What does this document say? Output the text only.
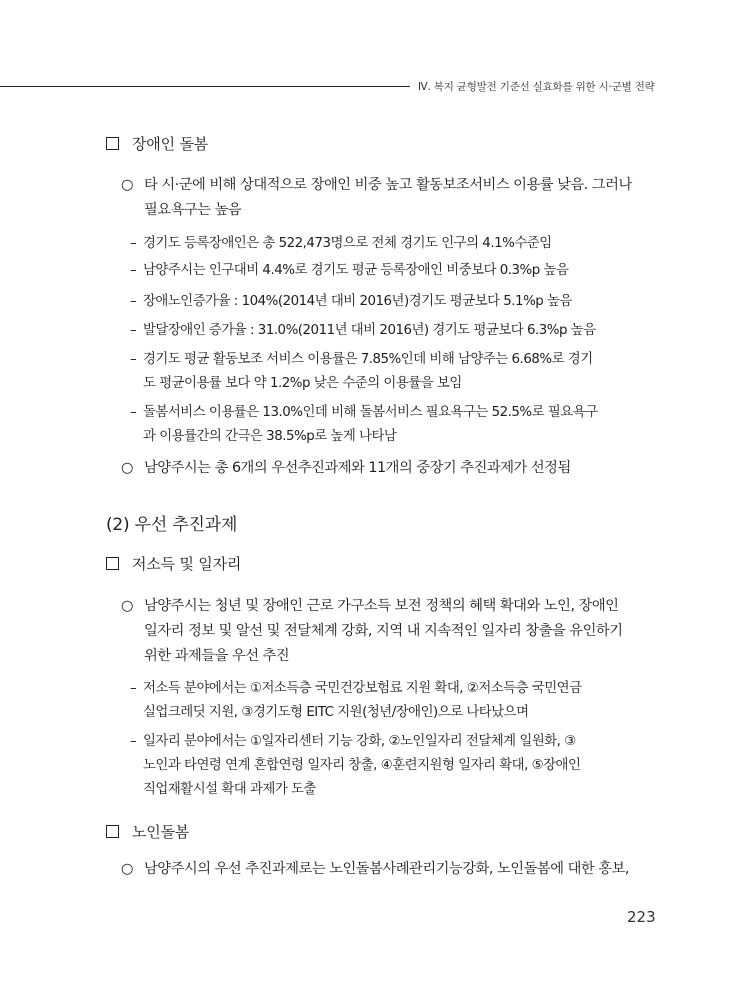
Ⅳ. 복지 균형발전 기준선 실효화를 위한 시·군별 전략
장애인 돌봄
○ 타 시·군에 비해 상대적으로 장애인 비중 높고 활동보조서비스 이용률 낮음. 그러나
필요욕구는 높음
– 경기도 등록장애인은 총 522,473명으로 전체 경기도 인구의 4.1%수준임
– 남양주시는 인구대비 4.4%로 경기도 평균 등록장애인 비중보다 0.3%p 높음
– 장애노인증가율 : 104%(2014년 대비 2016년)경기도 평균보다 5.1%p 높음
– 발달장애인 증가율 : 31.0%(2011년 대비 2016년) 경기도 평균보다 6.3%p 높음
– 경기도 평균 활동보조 서비스 이용률은 7.85%인데 비해 남양주는 6.68%로 경기
도 평균이용률 보다 약 1.2%p 낮은 수준의 이용률을 보임
– 돌봄서비스 이용률은 13.0%인데 비해 돌봄서비스 필요욕구는 52.5%로 필요욕구
과 이용률간의 간극은 38.5%p로 높게 나타남
○ 남양주시는 총 6개의 우선추진과제와 11개의 중장기 추진과제가 선정됨
(2) 우선 추진과제
저소득 및 일자리
○ 남양주시는 청년 및 장애인 근로 가구소득 보전 정책의 혜택 확대와 노인, 장애인
일자리 정보 및 알선 및 전달체계 강화, 지역 내 지속적인 일자리 창출을 유인하기
위한 과제들을 우선 추진
– 저소득 분야에서는 ①저소득층 국민건강보험료 지원 확대, ②저소득층 국민연금
실업크레딧 지원, ③경기도형 EITC 지원(청년/장애인)으로 나타났으며
– 일자리 분야에서는 ①일자리센터 기능 강화, ②노인일자리 전달체계 일원화, ③
노인과 타연령 연계 혼합연령 일자리 창출, ④훈련지원형 일자리 확대, ⑤장애인
직업재활시설 확대 과제가 도출
노인돌봄
○ 남양주시의 우선 추진과제로는 노인돌봄사례관리기능강화, 노인돌봄에 대한 홍보,
223
